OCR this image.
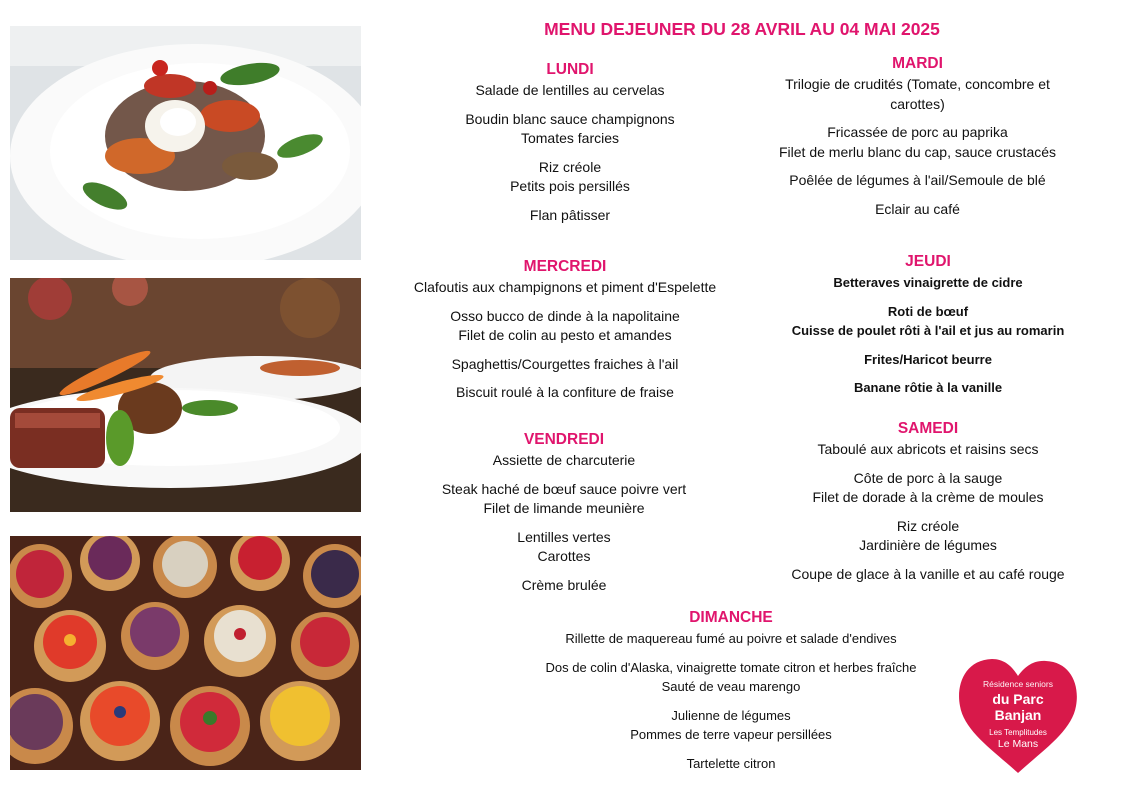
MENU DEJEUNER DU 28 AVRIL AU 04 MAI 2025
LUNDI
Salade de lentilles au cervelas
Boudin blanc sauce champignons
Tomates farcies
Riz créole
Petits pois persillés
Flan pâtisser
MARDI
Trilogie de crudités (Tomate, concombre et carottes)
Fricassée de porc au paprika
Filet de merlu blanc du cap, sauce crustacés
Poêlée de légumes à l'ail/Semoule de blé
Eclair au café
MERCREDI
Clafoutis aux champignons et piment d'Espelette
Osso bucco de dinde à la napolitaine
Filet de colin au pesto et amandes
Spaghettis/Courgettes fraiches à l'ail
Biscuit roulé à la confiture de fraise
JEUDI
Betteraves vinaigrette de cidre
Roti de bœuf
Cuisse de poulet rôti à l'ail et jus au romarin
Frites/Haricot beurre
Banane rôtie à la vanille
VENDREDI
Assiette de charcuterie
Steak haché de bœuf sauce poivre vert
Filet de limande meunière
Lentilles vertes
Carottes
Crème brulée
SAMEDI
Taboulé aux abricots et raisins secs
Côte de porc à la sauge
Filet de dorade à la crème de moules
Riz créole
Jardinière de légumes
Coupe de glace à la vanille et au café rouge
DIMANCHE
Rillette de maquereau fumé au poivre et salade d'endives
Dos de colin d'Alaska, vinaigrette tomate citron et herbes fraîche
Sauté de veau marengo
Julienne de légumes
Pommes de terre vapeur persillées
Tartelette citron
Résidence seniors
du Parc
Banjan
Les Templitudes
Le Mans
